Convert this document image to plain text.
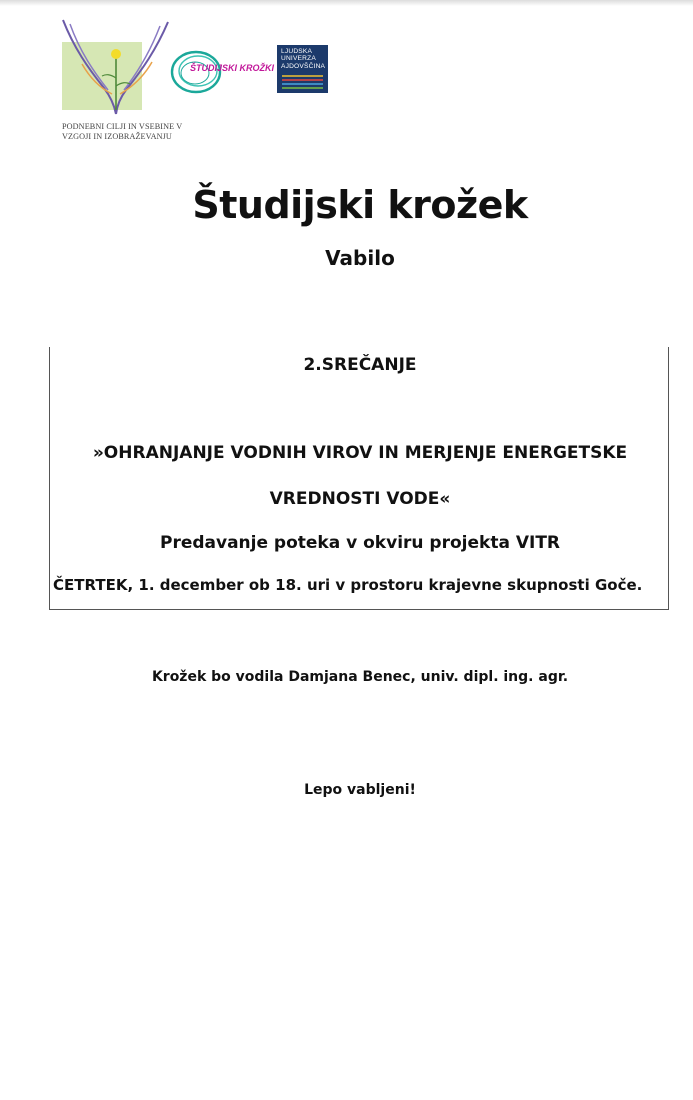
PODNEBNI CILJI IN VSEBINE V
VZGOJI IN IZOBRAŽEVANJU
ŠTUDIJSKI KROŽKI
LJUDSKA
UNIVERZA
AJDOVŠČINA
Študijski krožek
Vabilo
2.SREČANJE
»OHRANJANJE VODNIH VIROV IN MERJENJE ENERGETSKE
VREDNOSTI VODE«
Predavanje poteka v okviru projekta VITR
ČETRTEK, 1. december ob 18. uri v prostoru krajevne skupnosti Goče.
Krožek bo vodila Damjana Benec, univ. dipl. ing. agr.
Lepo vabljeni!
